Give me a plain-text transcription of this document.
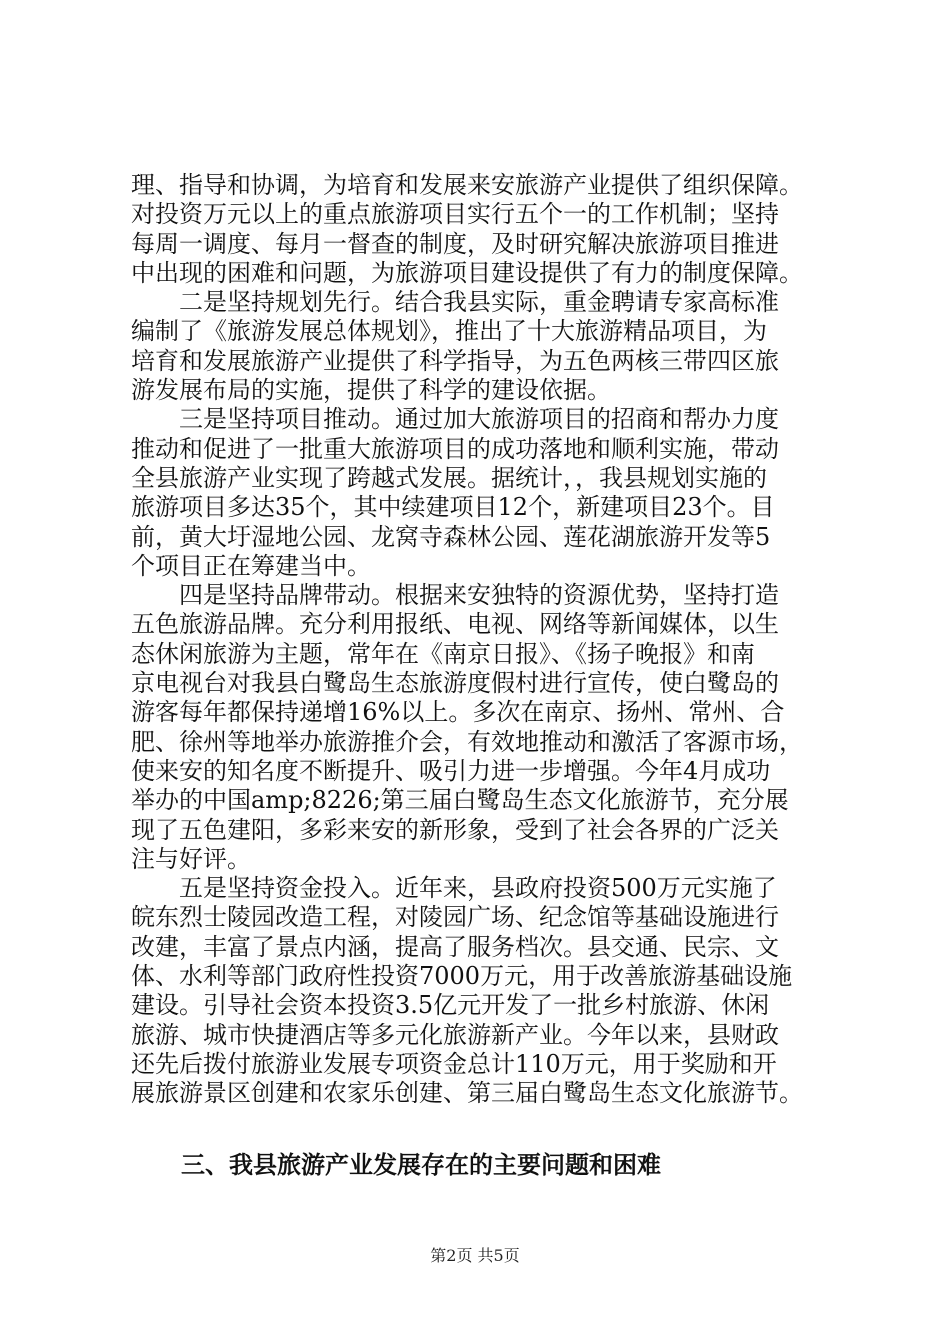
理、指导和协调，为培育和发展来安旅游产业提供了组织保障。
对投资万元以上的重点旅游项目实行五个一的工作机制；坚持
每周一调度、每月一督查的制度，及时研究解决旅游项目推进
中出现的困难和问题，为旅游项目建设提供了有力的制度保障。
二是坚持规划先行。结合我县实际，重金聘请专家高标准
编制了《旅游发展总体规划》，推出了十大旅游精品项目，为
培育和发展旅游产业提供了科学指导，为五色两核三带四区旅
游发展布局的实施，提供了科学的建设依据。
三是坚持项目推动。通过加大旅游项目的招商和帮办力度
推动和促进了一批重大旅游项目的成功落地和顺利实施，带动
全县旅游产业实现了跨越式发展。据统计，，我县规划实施的
旅游项目多达35个，其中续建项目12个，新建项目23个。目
前，黄大圩湿地公园、龙窝寺森林公园、莲花湖旅游开发等5
个项目正在筹建当中。
四是坚持品牌带动。根据来安独特的资源优势，坚持打造
五色旅游品牌。充分利用报纸、电视、网络等新闻媒体，以生
态休闲旅游为主题，常年在《南京日报》、《扬子晚报》和南
京电视台对我县白鹭岛生态旅游度假村进行宣传，使白鹭岛的
游客每年都保持递增16%以上。多次在南京、扬州、常州、合
肥、徐州等地举办旅游推介会，有效地推动和激活了客源市场，
使来安的知名度不断提升、吸引力进一步增强。今年4月成功
举办的中国amp;8226;第三届白鹭岛生态文化旅游节，充分展
现了五色建阳，多彩来安的新形象，受到了社会各界的广泛关
注与好评。
五是坚持资金投入。近年来，县政府投资500万元实施了
皖东烈士陵园改造工程，对陵园广场、纪念馆等基础设施进行
改建，丰富了景点内涵，提高了服务档次。县交通、民宗、文
体、水利等部门政府性投资7000万元，用于改善旅游基础设施
建设。引导社会资本投资3.5亿元开发了一批乡村旅游、休闲
旅游、城市快捷酒店等多元化旅游新产业。今年以来，县财政
还先后拨付旅游业发展专项资金总计110万元，用于奖励和开
展旅游景区创建和农家乐创建、第三届白鹭岛生态文化旅游节。
三、我县旅游产业发展存在的主要问题和困难
第2页 共5页
